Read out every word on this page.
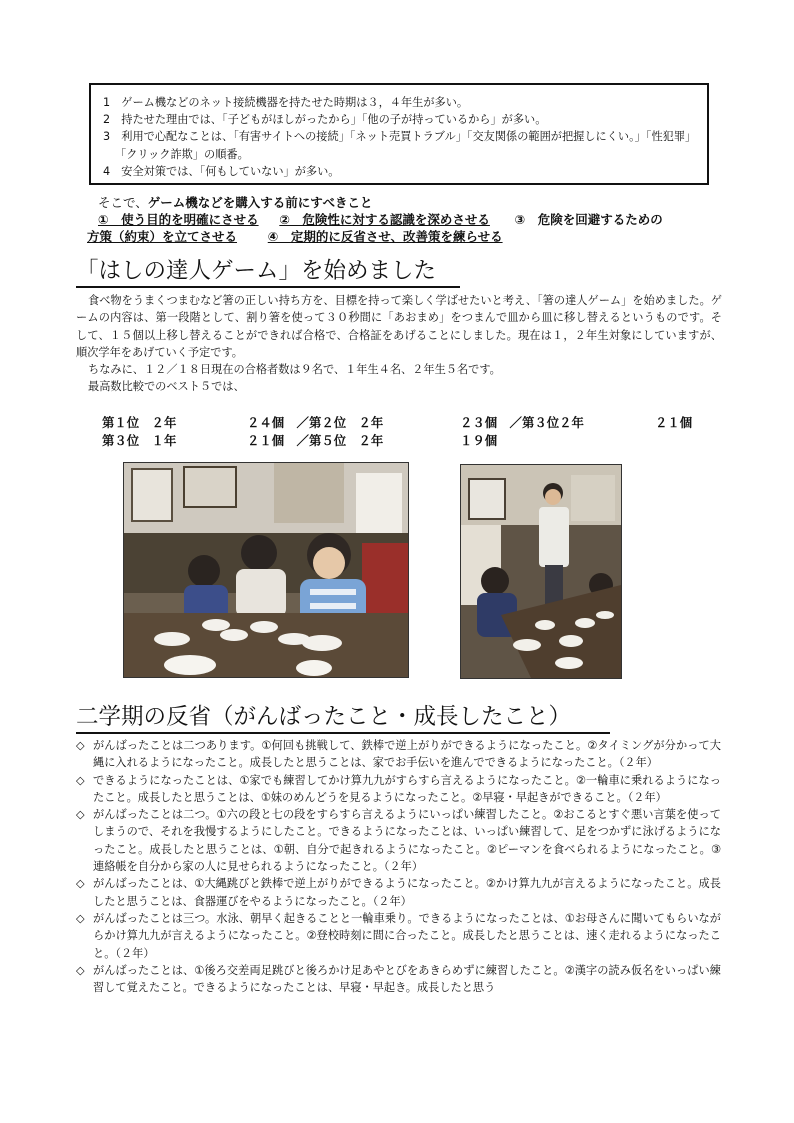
1　ゲーム機などのネット接続機器を持たせた時期は３，４年生が多い。
2　持たせた理由では、「子どもがほしがったから」「他の子が持っているから」が多い。
3　利用で心配なことは、「有害サイトへの接続」「ネット売買トラブル」「交友関係の範囲が把握しにくい。」「性犯罪」「クリック詐欺」の順番。
4　安全対策では、「何もしていない」が多い。
そこで、ゲーム機などを購入する前にすべきこと
①　使う目的を明確にさせる ②　危険性に対する認識を深めさせる ③　危険を回避するための
方策（約束）を立てさせる ④　定期的に反省させ、改善策を練らせる
「はしの達人ゲーム」を始めました

食べ物をうまくつまむなど箸の正しい持ち方を、目標を持って楽しく学ばせたいと考え、「箸の達人ゲーム」を始めました。ゲームの内容は、第一段階として、割り箸を使って３０秒間に「あおまめ」をつまんで皿から皿に移し替えるというものです。そして、１５個以上移し替えることができれば合格で、合格証をあげることにしました。現在は１，２年生対象にしていますが、順次学年をあげていく予定です。

ちなみに、１２／１８日現在の合格者数は９名で、１年生４名、２年生５名です。

最高数比較でのベスト５では、

第１位　２年	２４個　／第２位　２年	２３個　／第３位２年	２１個
第３位　１年	２１個　／第５位　２年	１９個
二学期の反省（がんばったこと・成長したこと）
◇ がんばったことは二つあります。①何回も挑戦して、鉄棒で逆上がりができるようになったこと。②タイミングが分かって大縄に入れるようになったこと。成長したと思うことは、家でお手伝いを進んでできるようになったこと。（２年）
◇ できるようになったことは、①家でも練習してかけ算九九がすらすら言えるようになったこと。②一輪車に乗れるようになったこと。成長したと思うことは、①妹のめんどうを見るようになったこと。②早寝・早起きができること。（２年）
◇ がんばったことは二つ。①六の段と七の段をすらすら言えるようにいっぱい練習したこと。②おこるとすぐ悪い言葉を使ってしまうので、それを我慢するようにしたこと。できるようになったことは、いっぱい練習して、足をつかずに泳げるようになったこと。成長したと思うことは、①朝、自分で起きれるようになったこと。②ピーマンを食べられるようになったこと。③連絡帳を自分から家の人に見せられるようになったこと。（２年）
◇ がんばったことは、①大縄跳びと鉄棒で逆上がりができるようになったこと。②かけ算九九が言えるようになったこと。成長したと思うことは、食器運びをやるようになったこと。（２年）
◇ がんばったことは三つ。水泳、朝早く起きることと一輪車乗り。できるようになったことは、①お母さんに聞いてもらいながらかけ算九九が言えるようになったこと。②登校時刻に間に合ったこと。成長したと思うことは、速く走れるようになったこと。（２年）
◇ がんばったことは、①後ろ交差両足跳びと後ろかけ足あやとびをあきらめずに練習したこと。②漢字の読み仮名をいっぱい練習して覚えたこと。できるようになったことは、早寝・早起き。成長したと思う
